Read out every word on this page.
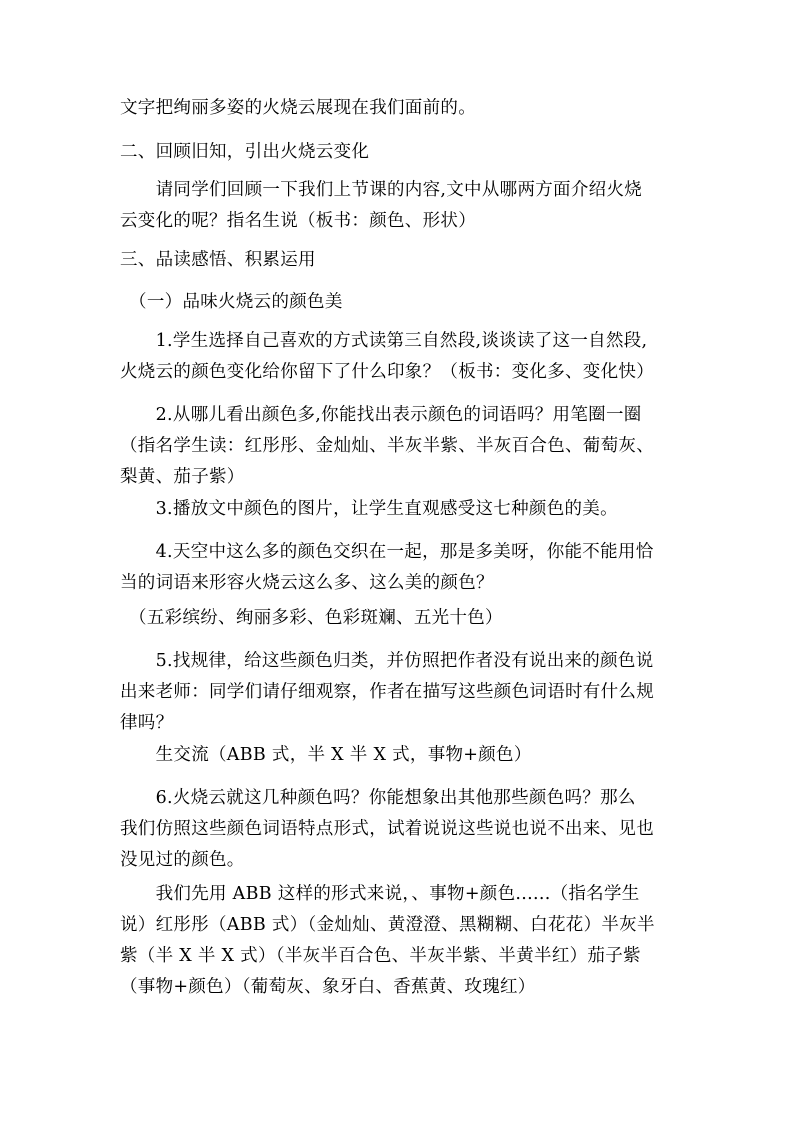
文字把绚丽多姿的火烧云展现在我们面前的。

二、回顾旧知，引出火烧云变化

　　请同学们回顾一下我们上节课的内容,文中从哪两方面介绍火烧
云变化的呢？指名生说（板书：颜色、形状）

三、品读感悟、积累运用

　（一）品味火烧云的颜色美

　　1.学生选择自己喜欢的方式读第三自然段,谈谈读了这一自然段,
火烧云的颜色变化给你留下了什么印象？（板书：变化多、变化快）

　　2.从哪儿看出颜色多,你能找出表示颜色的词语吗？用笔圈一圈
（指名学生读：红彤彤、金灿灿、半灰半紫、半灰百合色、葡萄灰、
梨黄、茄子紫）

　　3.播放文中颜色的图片，让学生直观感受这七种颜色的美。

　　4.天空中这么多的颜色交织在一起，那是多美呀，你能不能用恰
当的词语来形容火烧云这么多、这么美的颜色？

　（五彩缤纷、绚丽多彩、色彩斑斓、五光十色）

　　5.找规律，给这些颜色归类，并仿照把作者没有说出来的颜色说
出来老师：同学们请仔细观察，作者在描写这些颜色词语时有什么规
律吗？

　　生交流（ABB 式，半 X 半 X 式，事物+颜色）

　　6.火烧云就这几种颜色吗？你能想象出其他那些颜色吗？那么
我们仿照这些颜色词语特点形式，试着说说这些说也说不出来、见也
没见过的颜色。

　　我们先用 ABB 这样的形式来说，、事物+颜色......（指名学生
说）红彤彤（ABB 式）（金灿灿、黄澄澄、黑糊糊、白花花）半灰半
紫（半 X 半 X 式）（半灰半百合色、半灰半紫、半黄半红）茄子紫
（事物+颜色）（葡萄灰、象牙白、香蕉黄、玫瑰红）
